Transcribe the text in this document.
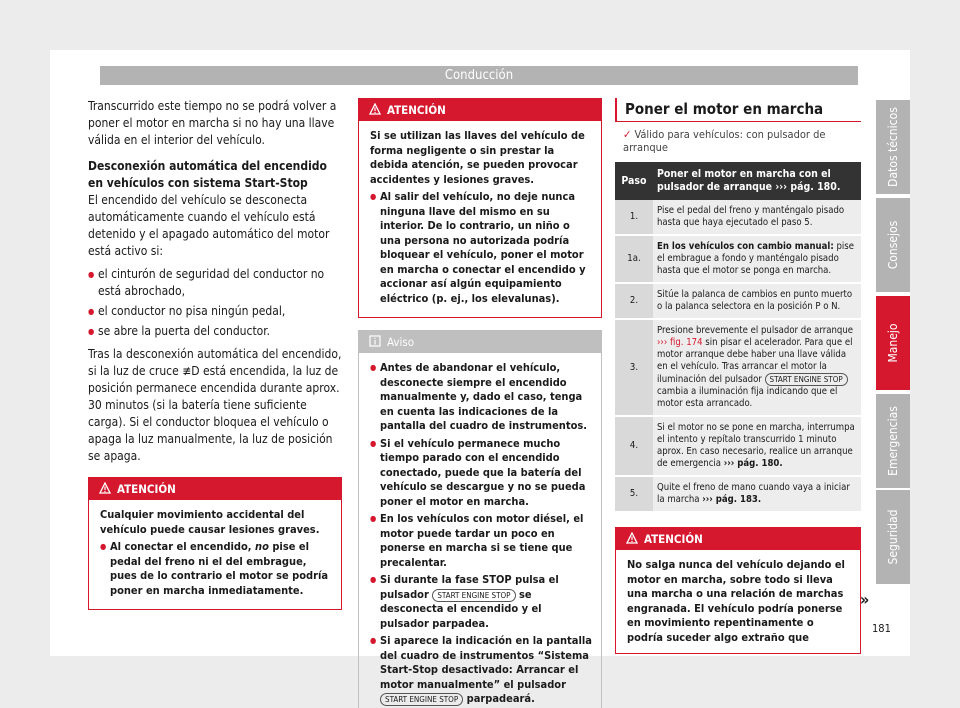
Conducción

Transcurrido este tiempo no se podrá volver a poner el motor en marcha si no hay una llave válida en el interior del vehículo.

Desconexión automática del encendido en vehículos con sistema Start-Stop

El encendido del vehículo se desconecta automáticamente cuando el vehículo está detenido y el apagado automático del motor está activo si:

● el cinturón de seguridad del conductor no está abrochado,
● el conductor no pisa ningún pedal,
● se abre la puerta del conductor.

Tras la desconexión automática del encendido, si la luz de cruce ≢D está encendida, la luz de posición permanece encendida durante aprox. 30 minutos (si la batería tiene suficiente carga). Si el conductor bloquea el vehículo o apaga la luz manualmente, la luz de posición se apaga.

ATENCIÓN
Cualquier movimiento accidental del vehículo puede causar lesiones graves.
● Al conectar el encendido, no pise el pedal del freno ni el del embrague, pues de lo contrario el motor se podría poner en marcha inmediatamente.
ATENCIÓN
Si se utilizan las llaves del vehículo de forma negligente o sin prestar la debida atención, se pueden provocar accidentes y lesiones graves.
● Al salir del vehículo, no deje nunca ninguna llave del mismo en su interior. De lo contrario, un niño o una persona no autorizada podría bloquear el vehículo, poner el motor en marcha o conectar el encendido y accionar así algún equipamiento eléctrico (p. ej., los elevalunas).
Aviso
● Antes de abandonar el vehículo, desconecte siempre el encendido manualmente y, dado el caso, tenga en cuenta las indicaciones de la pantalla del cuadro de instrumentos.
● Si el vehículo permanece mucho tiempo parado con el encendido conectado, puede que la batería del vehículo se descargue y no se pueda poner el motor en marcha.
● En los vehículos con motor diésel, el motor puede tardar un poco en ponerse en marcha si se tiene que precalentar.
● Si durante la fase STOP pulsa el pulsador START ENGINE STOP se desconecta el encendido y el pulsador parpadea.
● Si aparece la indicación en la pantalla del cuadro de instrumentos “Sistema Start-Stop desactivado: Arrancar el motor manualmente” el pulsador START ENGINE STOP parpadeará.
Poner el motor en marcha
✓ Válido para vehículos: con pulsador de arranque
Paso	Poner el motor en marcha con el pulsador de arranque ››› pág. 180.
1.	Pise el pedal del freno y manténgalo pisado hasta que haya ejecutado el paso 5.
1a.	En los vehículos con cambio manual: pise el embrague a fondo y manténgalo pisado hasta que el motor se ponga en marcha.
2.	Sitúe la palanca de cambios en punto muerto o la palanca selectora en la posición P o N.
3.	Presione brevemente el pulsador de arranque ››› fig. 174 sin pisar el acelerador. Para que el motor arranque debe haber una llave válida en el vehículo. Tras arrancar el motor la iluminación del pulsador START ENGINE STOP cambia a iluminación fija indicando que el motor esta arrancado.
4.	Si el motor no se pone en marcha, interrumpa el intento y repítalo transcurrido 1 minuto aprox. En caso necesario, realice un arranque de emergencia ››› pág. 180.
5.	Quite el freno de mano cuando vaya a iniciar la marcha ››› pág. 183.
ATENCIÓN
No salga nunca del vehículo dejando el motor en marcha, sobre todo si lleva una marcha o una relación de marchas engranada. El vehículo podría ponerse en movimiento repentinamente o podría suceder algo extraño que
»
Datos técnicos
Consejos
Manejo
Emergencias
Seguridad
181
